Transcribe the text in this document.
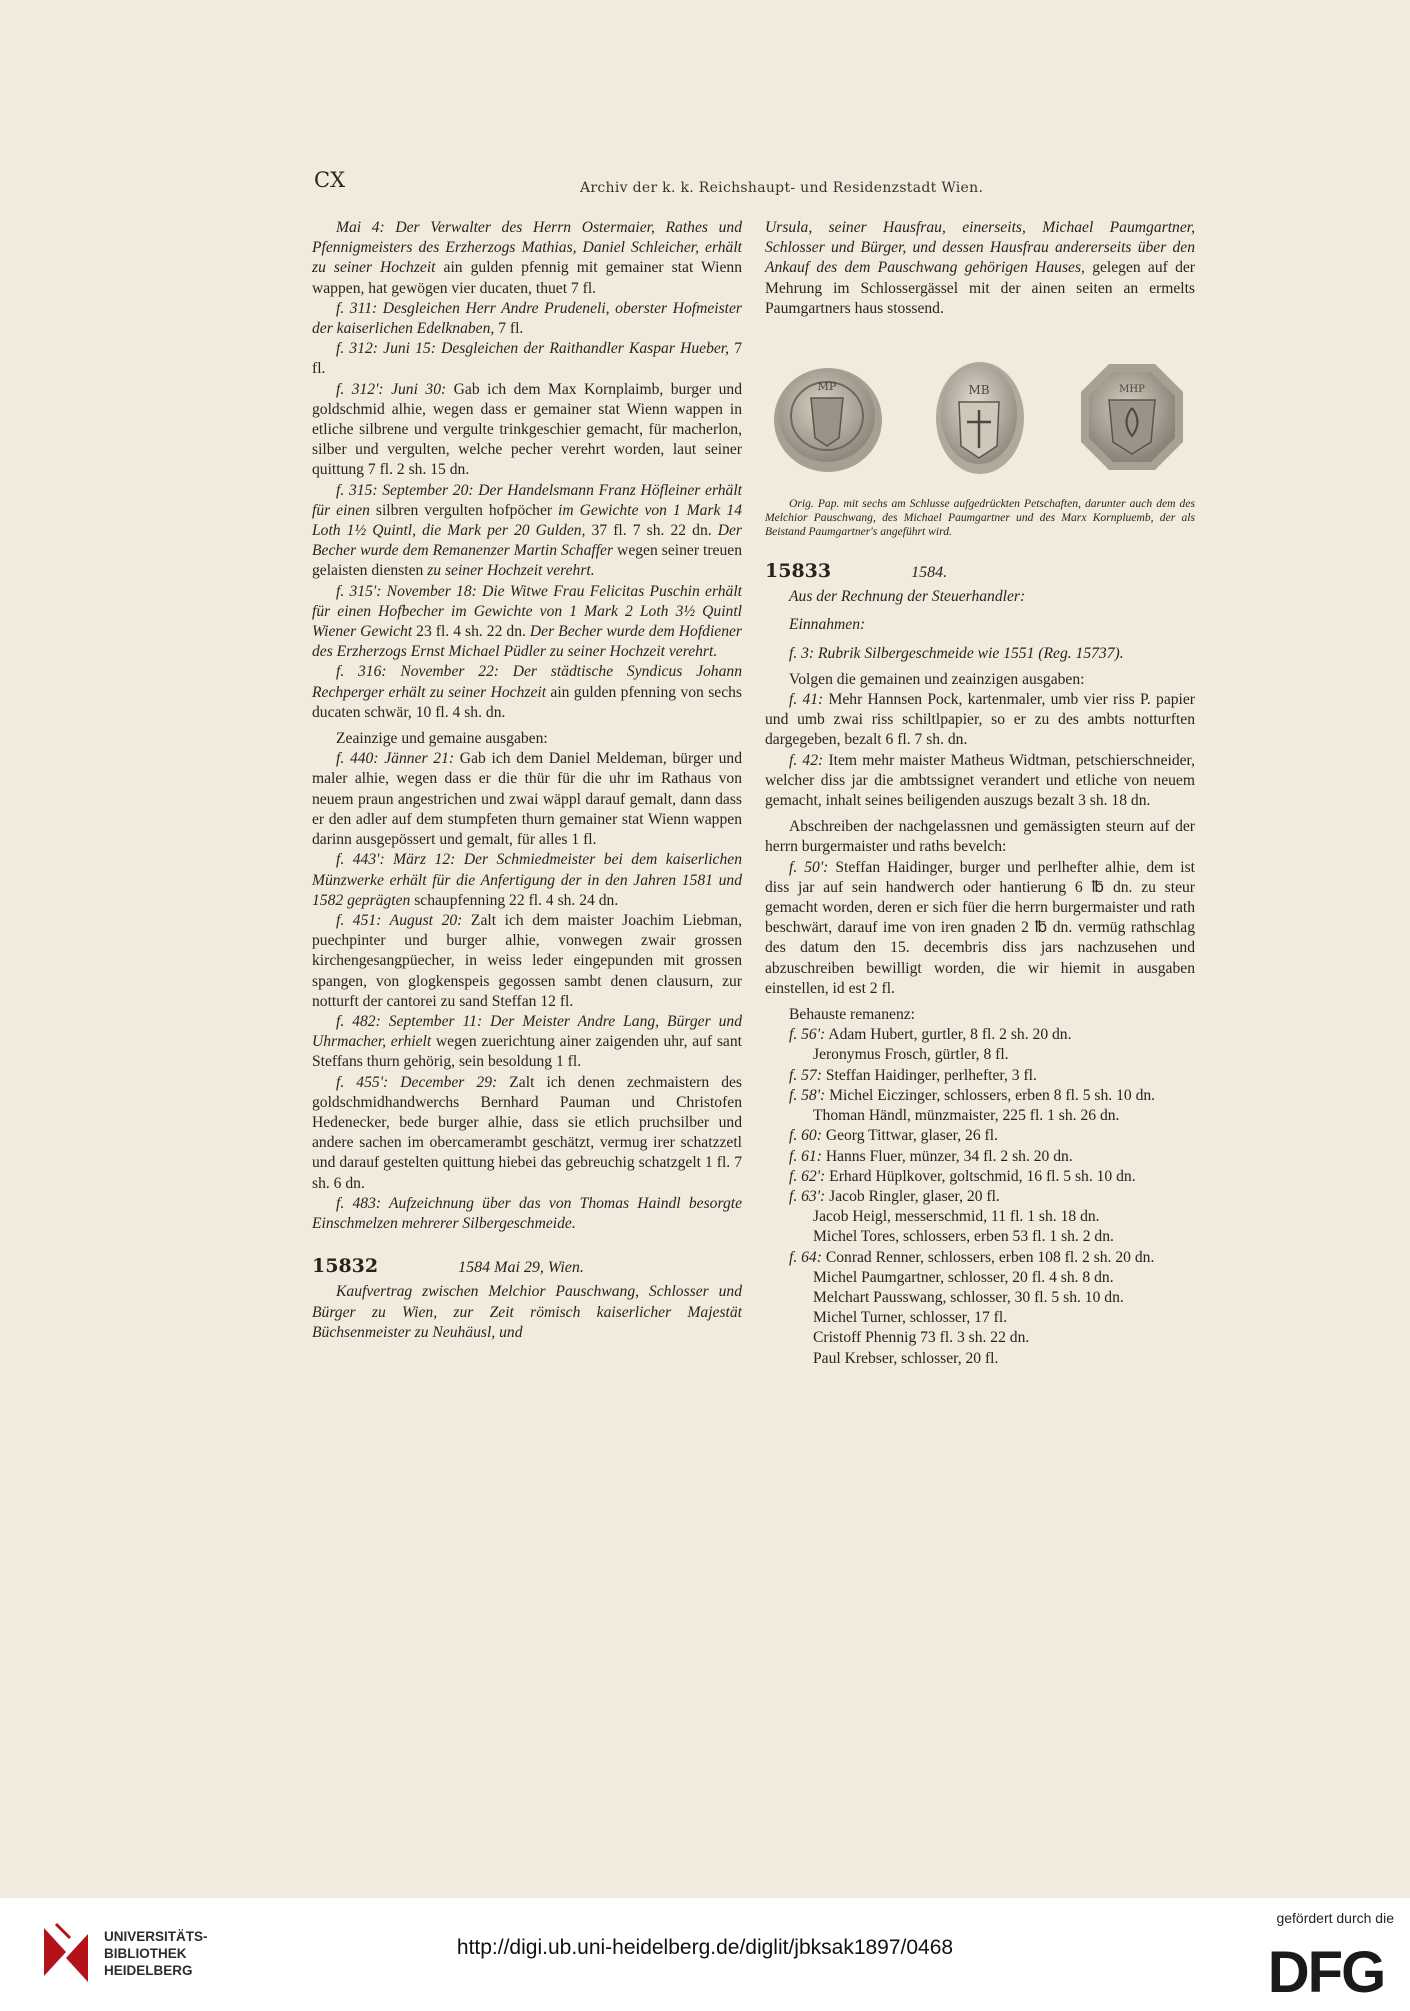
CX	Archiv der k. k. Reichshaupt- und Residenzstadt Wien.

Mai 4: Der Verwalter des Herrn Ostermaier, Rathes und Pfennigmeisters des Erzherzogs Mathias, Daniel Schleicher, erhält zu seiner Hochzeit ain gulden pfennig mit gemainer stat Wienn wappen, hat gewögen vier ducaten, thuet 7 fl.

f. 311: Desgleichen Herr Andre Prudeneli, oberster Hofmeister der kaiserlichen Edelknaben, 7 fl.

f. 312: Juni 15: Desgleichen der Raithandler Kaspar Hueber, 7 fl.

f. 312': Juni 30: Gab ich dem Max Kornplaimb, burger und goldschmid alhie, wegen dass er gemainer stat Wienn wappen in etliche silbrene und vergulte trinkgeschier gemacht, für macherlon, silber und vergulten, welche pecher verehrt worden, laut seiner quittung 7 fl. 2 sh. 15 dn.

f. 315: September 20: Der Handelsmann Franz Höfleiner erhält für einen silbren vergulten hofpöcher im Gewichte von 1 Mark 14 Loth 1½ Quintl, die Mark per 20 Gulden, 37 fl. 7 sh. 22 dn. Der Becher wurde dem Remanenzer Martin Schaffer wegen seiner treuen gelaisten diensten zu seiner Hochzeit verehrt.

f. 315': November 18: Die Witwe Frau Felicitas Puschin erhält für einen Hofbecher im Gewichte von 1 Mark 2 Loth 3½ Quintl Wiener Gewicht 23 fl. 4 sh. 22 dn. Der Becher wurde dem Hofdiener des Erzherzogs Ernst Michael Püdler zu seiner Hochzeit verehrt.

f. 316: November 22: Der städtische Syndicus Johann Rechperger erhält zu seiner Hochzeit ain gulden pfenning von sechs ducaten schwär, 10 fl. 4 sh. dn.

Zeainzige und gemaine ausgaben:

f. 440: Jänner 21: Gab ich dem Daniel Meldeman, bürger und maler alhie, wegen dass er die thür für die uhr im Rathaus von neuem praun angestrichen und zwai wäppl darauf gemalt, dann dass er den adler auf dem stumpfeten thurn gemainer stat Wienn wappen darinn ausgepössert und gemalt, für alles 1 fl.

f. 443': März 12: Der Schmiedmeister bei dem kaiserlichen Münzwerke erhält für die Anfertigung der in den Jahren 1581 und 1582 geprägten schaupfenning 22 fl. 4 sh. 24 dn.

f. 451: August 20: Zalt ich dem maister Joachim Liebman, puechpinter und burger alhie, vonwegen zwair grossen kirchengesangpüecher, in weiss leder eingepunden mit grossen spangen, von glogkenspeis gegossen sambt denen clausurn, zur notturft der cantorei zu sand Steffan 12 fl.

f. 482: September 11: Der Meister Andre Lang, Bürger und Uhrmacher, erhielt wegen zuerichtung ainer zaigenden uhr, auf sant Steffans thurn gehörig, sein besoldung 1 fl.

f. 455': December 29: Zalt ich denen zechmaistern des goldschmidhandwerchs Bernhard Pauman und Christofen Hedenecker, bede burger alhie, dass sie etlich pruchsilber und andere sachen im obercamerambt geschätzt, vermug irer schatzzetl und darauf gestelten quittung hiebei das gebreuchig schatzgelt 1 fl. 7 sh. 6 dn.

f. 483: Aufzeichnung über das von Thomas Haindl besorgte Einschmelzen mehrerer Silbergeschmeide.

15832	1584 Mai 29, Wien.

Kaufvertrag zwischen Melchior Pauschwang, Schlosser und Bürger zu Wien, zur Zeit römisch kaiserlicher Majestät Büchsenmeister zu Neuhäusl, und

Ursula, seiner Hausfrau, einerseits, Michael Paumgartner, Schlosser und Bürger, und dessen Hausfrau andererseits über den Ankauf des dem Pauschwang gehörigen Hauses, gelegen auf der Mehrung im Schlossergässel mit der ainen seiten an ermelts Paumgartners haus stossend.

MP	MB	MHP

Orig. Pap. mit sechs am Schlusse aufgedrückten Petschaften, darunter auch dem des Melchior Pauschwang, des Michael Paumgartner und des Marx Kornpluemb, der als Beistand Paumgartner's angeführt wird.

15833	1584.

Aus der Rechnung der Steuerhandler:

Einnahmen:

f. 3: Rubrik Silbergeschmeide wie 1551 (Reg. 15737).

Volgen die gemainen und zeainzigen ausgaben:

f. 41: Mehr Hannsen Pock, kartenmaler, umb vier riss P. papier und umb zwai riss schiltlpapier, so er zu des ambts notturften dargegeben, bezalt 6 fl. 7 sh. dn.

f. 42: Item mehr maister Matheus Widtman, petschierschneider, welcher diss jar die ambtssignet verandert und etliche von neuem gemacht, inhalt seines beiligenden auszugs bezalt 3 sh. 18 dn.

Abschreiben der nachgelassnen und gemässigten steurn auf der herrn burgermaister und raths bevelch:

f. 50': Steffan Haidinger, burger und perlhefter alhie, dem ist diss jar auf sein handwerch oder hantierung 6 ℔ dn. zu steur gemacht worden, deren er sich füer die herrn burgermaister und rath beschwärt, darauf ime von iren gnaden 2 ℔ dn. vermüg rathschlag des datum den 15. decembris diss jars nachzusehen und abzuschreiben bewilligt worden, die wir hiemit in ausgaben einstellen, id est 2 fl.

Behauste remanenz:

f. 56': Adam Hubert, gurtler, 8 fl. 2 sh. 20 dn.

Jeronymus Frosch, gürtler, 8 fl.

f. 57: Steffan Haidinger, perlhefter, 3 fl.

f. 58': Michel Eiczinger, schlossers, erben 8 fl. 5 sh. 10 dn.

Thoman Händl, münzmaister, 225 fl. 1 sh. 26 dn.

f. 60: Georg Tittwar, glaser, 26 fl.

f. 61: Hanns Fluer, münzer, 34 fl. 2 sh. 20 dn.

f. 62': Erhard Hüplkover, goltschmid, 16 fl. 5 sh. 10 dn.

f. 63': Jacob Ringler, glaser, 20 fl.

Jacob Heigl, messerschmid, 11 fl. 1 sh. 18 dn.

Michel Tores, schlossers, erben 53 fl. 1 sh. 2 dn.

f. 64: Conrad Renner, schlossers, erben 108 fl. 2 sh. 20 dn.

Michel Paumgartner, schlosser, 20 fl. 4 sh. 8 dn.

Melchart Pausswang, schlosser, 30 fl. 5 sh. 10 dn.

Michel Turner, schlosser, 17 fl.

Cristoff Phennig 73 fl. 3 sh. 22 dn.

Paul Krebser, schlosser, 20 fl.

UNIVERSITÄTS-
BIBLIOTHEK
HEIDELBERG
http://digi.ub.uni-heidelberg.de/diglit/jbksak1897/0468
gefördert durch die
DFG
